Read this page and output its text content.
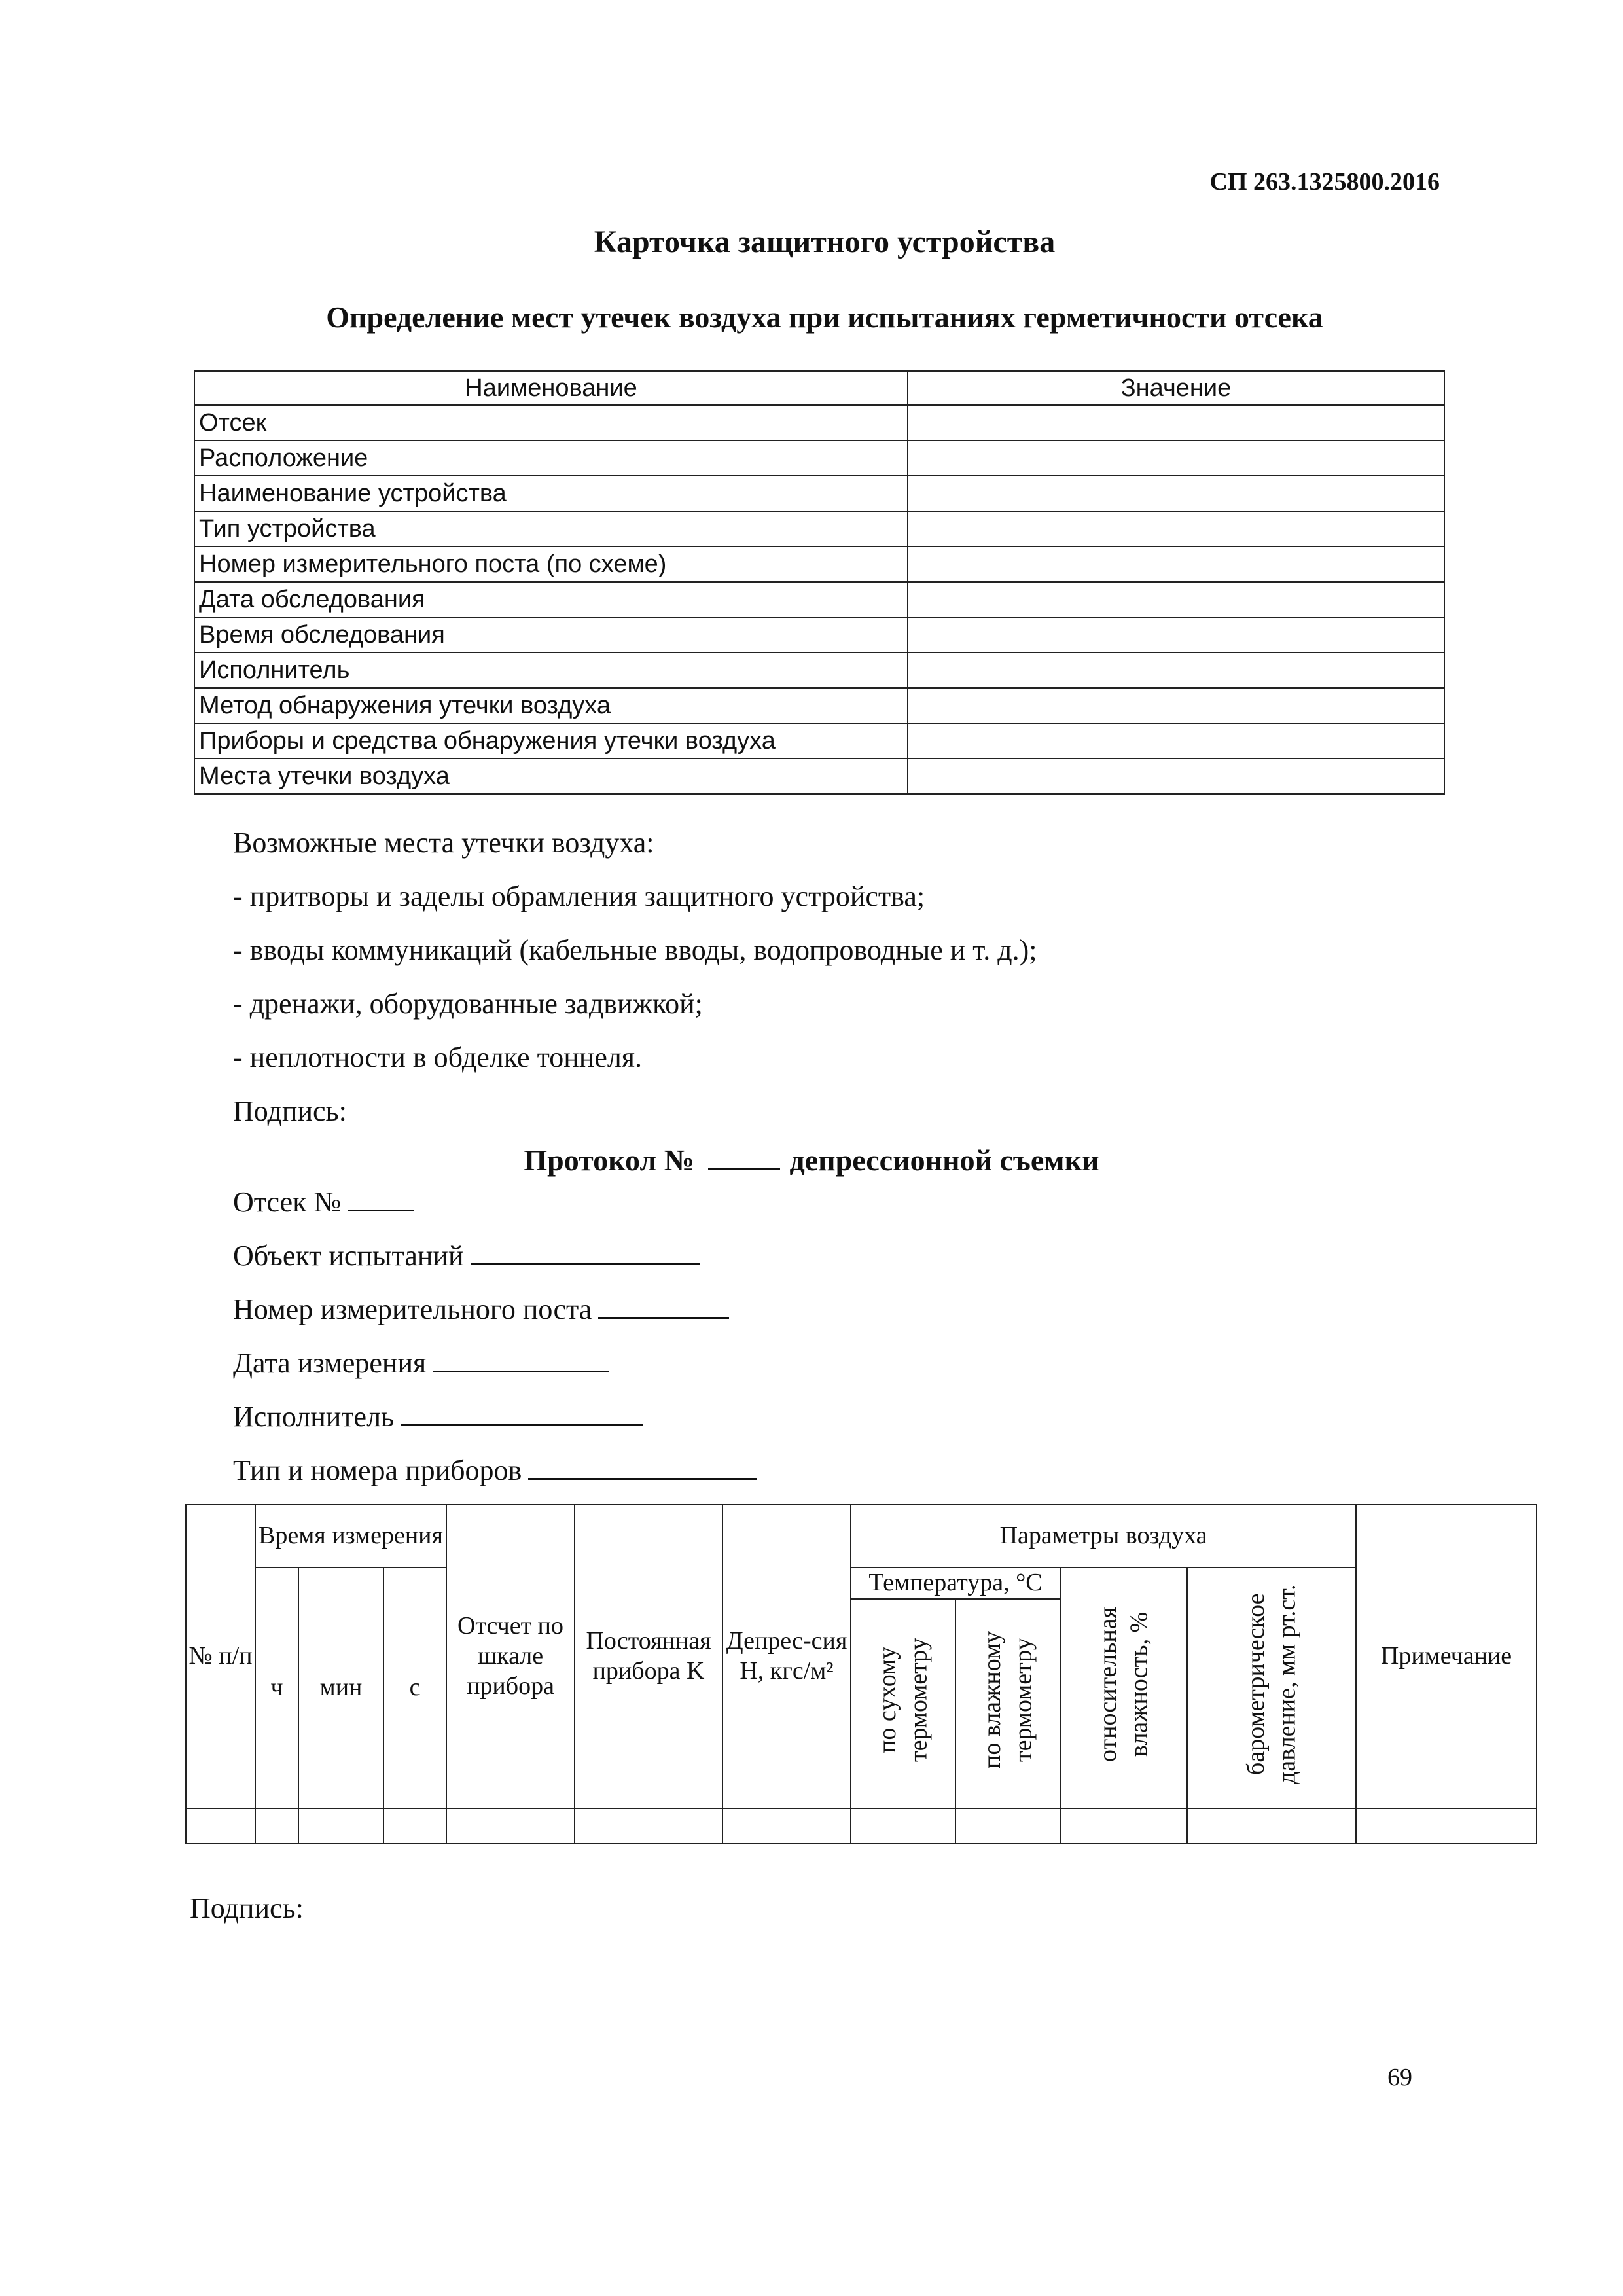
СП 263.1325800.2016
Карточка защитного устройства
Определение мест утечек воздуха при испытаниях герметичности отсека
Наименование	Значение
Отсек	
Расположение	
Наименование устройства	
Тип устройства	
Номер измерительного поста (по схеме)	
Дата обследования	
Время обследования	
Исполнитель	
Метод обнаружения утечки воздуха	
Приборы и средства обнаружения утечки воздуха	
Места утечки воздуха	
Возможные места утечки воздуха:
- притворы и заделы обрамления защитного устройства;
- вводы коммуникаций (кабельные вводы, водопроводные и т. д.);
- дренажи, оборудованные задвижкой;
- неплотности в обделке тоннеля.
Подпись:
Протокол №	депрессионной съемки
Отсек №
Объект испытаний
Номер измерительного поста
Дата измерения
Исполнитель
Тип и номера приборов
№ п/п	Время измерения			Отсчет по шкале прибора	Постоянная прибора K	Депрес-сия H, кгс/м²	Параметры воздуха				Примечание
	ч	мин	с				Температура, °С		относительная влажность, %	барометрическое давление, мм рт.ст.	
							по сухому термометру	по влажному термометру			

Подпись:
69
